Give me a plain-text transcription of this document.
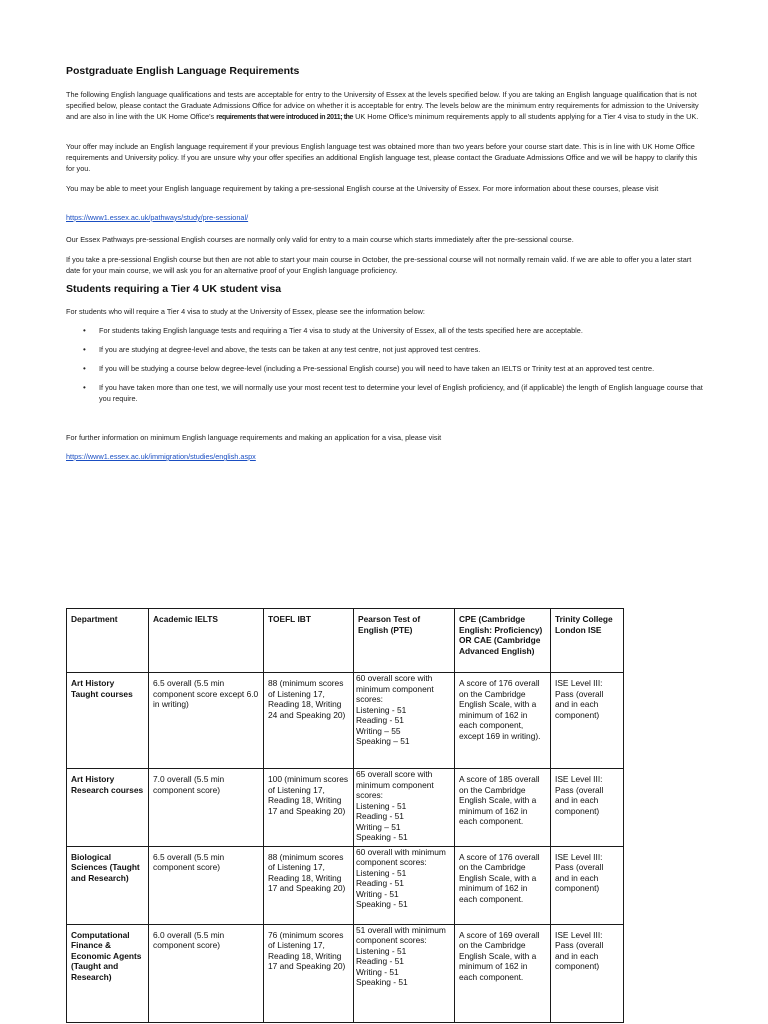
Postgraduate English Language Requirements
The following English language qualifications and tests are acceptable for entry to the University of Essex at the levels specified below. If you are taking an English language qualification that is not specified below, please contact the Graduate Admissions Office for advice on whether it is acceptable for entry. The levels below are the minimum entry requirements for admission to the University and are also in line with the UK Home Office’s requirements that were introduced in 2011; the UK Home Office’s minimum requirements apply to all students applying for a Tier 4 visa to study in the UK.
Your offer may include an English language requirement if your previous English language test was obtained more than two years before your course start date. This is in line with UK Home Office requirements and University policy. If you are unsure why your offer specifies an additional English language test, please contact the Graduate Admissions Office and we will be happy to clarify this for you.
You may be able to meet your English language requirement by taking a pre-sessional English course at the University of Essex. For more information about these courses, please visit
https://www1.essex.ac.uk/pathways/study/pre-sessional/
Our Essex Pathways pre-sessional English courses are normally only valid for entry to a main course which starts immediately after the pre-sessional course.
If you take a pre-sessional English course but then are not able to start your main course in October, the pre-sessional course will not normally remain valid. If we are able to offer you a later start date for your main course, we will ask you for an alternative proof of your English language proficiency.
Students requiring a Tier 4 UK student visa
For students who will require a Tier 4 visa to study at the University of Essex, please see the information below:
• For students taking English language tests and requiring a Tier 4 visa to study at the University of Essex, all of the tests specified here are acceptable.
• If you are studying at degree-level and above, the tests can be taken at any test centre, not just approved test centres.
• If you will be studying a course below degree-level (including a Pre-sessional English course) you will need to have taken an IELTS or Trinity test at an approved test centre.
• If you have taken more than one test, we will normally use your most recent test to determine your level of English proficiency, and (if applicable) the length of English language course that you require.
For further information on minimum English language requirements and making an application for a visa, please visit
https://www1.essex.ac.uk/immigration/studies/english.aspx
Department	Academic IELTS	TOEFL IBT	Pearson Test of English (PTE)	CPE (Cambridge English: Proficiency) OR CAE (Cambridge Advanced English)	Trinity College London ISE
Art History
Taught courses	6.5 overall (5.5 min component score except 6.0 in writing)	88 (minimum scores of Listening 17, Reading 18, Writing 24 and Speaking 20)	60 overall score with minimum component scores:
Listening - 51
Reading - 51
Writing – 55
Speaking – 51	A score of 176 overall on the Cambridge English Scale, with a minimum of 162 in each component, except 169 in writing).	ISE Level III: Pass (overall and in each component)
Art History
Research courses	7.0 overall (5.5 min component score)	100 (minimum scores of Listening 17, Reading 18, Writing 17 and Speaking 20)	65 overall score with minimum component scores:
Listening - 51
Reading - 51
Writing – 51
Speaking - 51	A score of 185 overall on the Cambridge English Scale, with a minimum of 162 in each component.	ISE Level III: Pass (overall and in each component)
Biological Sciences (Taught and Research)	6.5 overall (5.5 min component score)	88 (minimum scores of Listening 17, Reading 18, Writing 17 and Speaking 20)	60 overall with minimum component scores:
Listening - 51
Reading - 51
Writing - 51
Speaking - 51	A score of 176 overall on the Cambridge English Scale, with a minimum of 162 in each component.	ISE Level III: Pass (overall and in each component)
Computational Finance & Economic Agents (Taught and Research)	6.0 overall (5.5 min component score)	76 (minimum scores of Listening 17, Reading 18, Writing 17 and Speaking 20)	51 overall with minimum component scores: Listening - 51
Reading - 51
Writing - 51
Speaking - 51	A score of 169 overall on the Cambridge English Scale, with a minimum of 162 in each component.	ISE Level III: Pass (overall and in each component)
